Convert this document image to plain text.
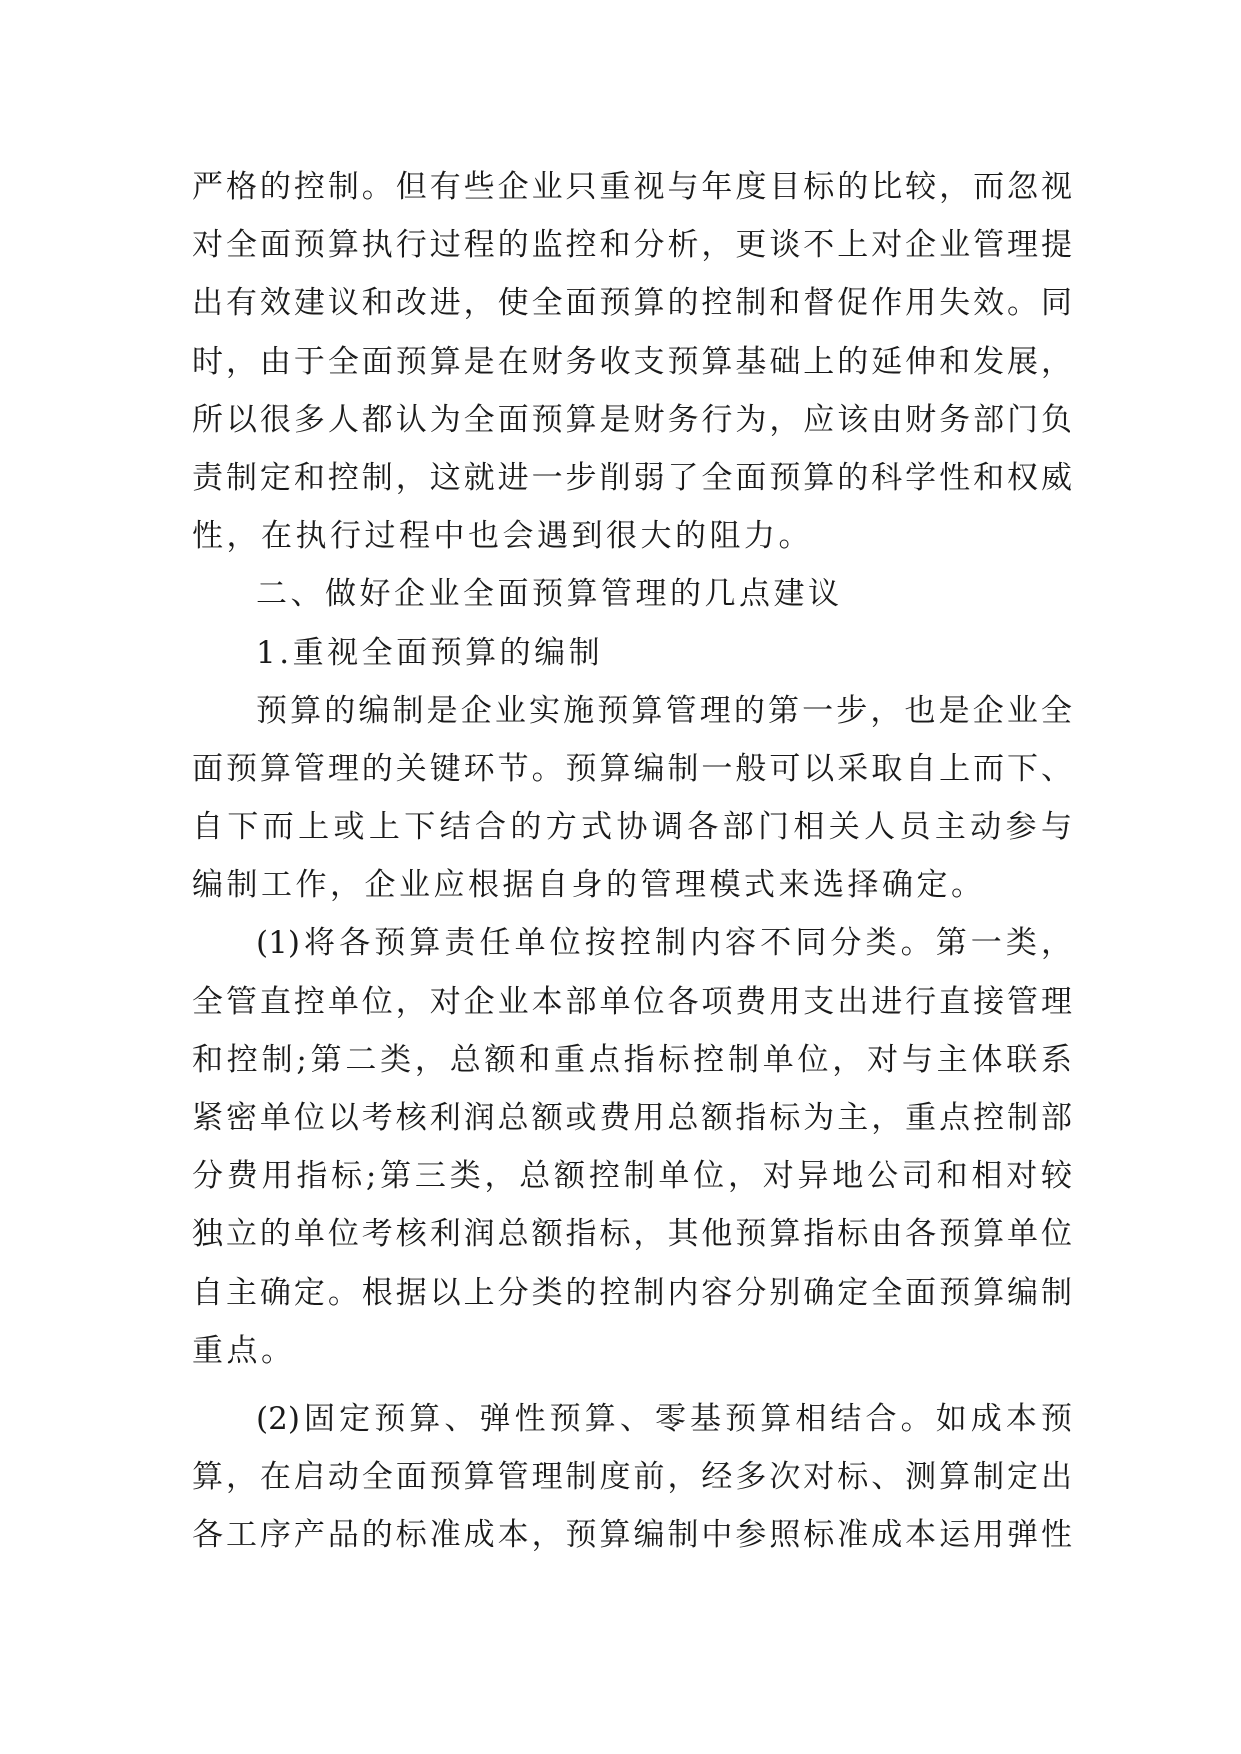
严格的控制。但有些企业只重视与年度目标的比较，而忽视
对全面预算执行过程的监控和分析，更谈不上对企业管理提
出有效建议和改进，使全面预算的控制和督促作用失效。同
时，由于全面预算是在财务收支预算基础上的延伸和发展，
所以很多人都认为全面预算是财务行为，应该由财务部门负
责制定和控制，这就进一步削弱了全面预算的科学性和权威
性，在执行过程中也会遇到很大的阻力。
二、做好企业全面预算管理的几点建议
1.重视全面预算的编制
预算的编制是企业实施预算管理的第一步，也是企业全
面预算管理的关键环节。预算编制一般可以采取自上而下、
自下而上或上下结合的方式协调各部门相关人员主动参与
编制工作，企业应根据自身的管理模式来选择确定。
(1)将各预算责任单位按控制内容不同分类。第一类，
全管直控单位，对企业本部单位各项费用支出进行直接管理
和控制;第二类，总额和重点指标控制单位，对与主体联系
紧密单位以考核利润总额或费用总额指标为主，重点控制部
分费用指标;第三类，总额控制单位，对异地公司和相对较
独立的单位考核利润总额指标，其他预算指标由各预算单位
自主确定。根据以上分类的控制内容分别确定全面预算编制
重点。
(2)固定预算、弹性预算、零基预算相结合。如成本预
算，在启动全面预算管理制度前，经多次对标、测算制定出
各工序产品的标准成本，预算编制中参照标准成本运用弹性
